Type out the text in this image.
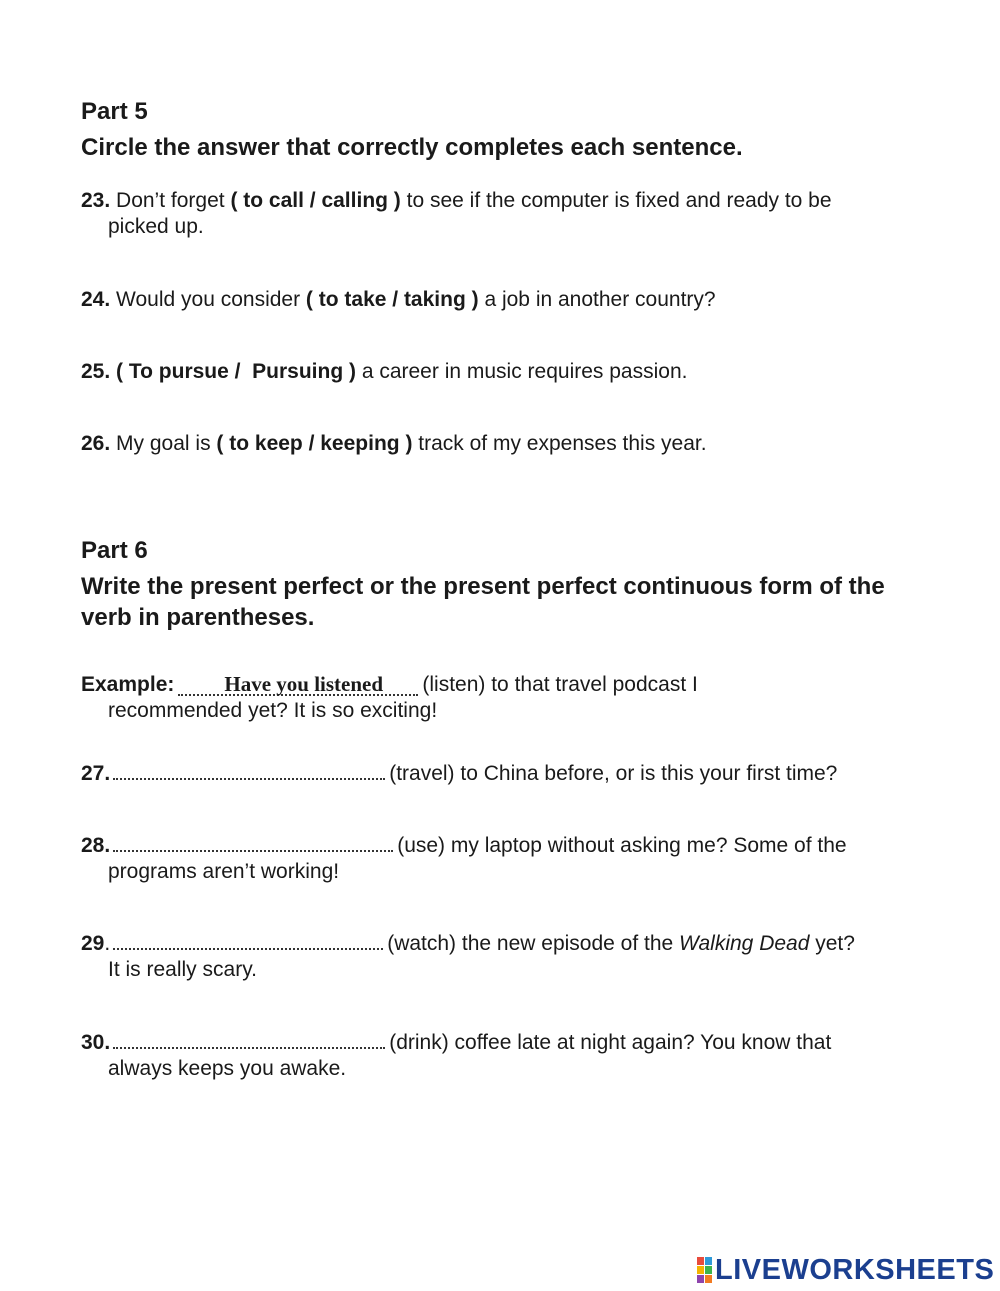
Part 5
Circle the answer that correctly completes each sentence.
23. Don’t forget ( to call / calling ) to see if the computer is fixed and ready to be
picked up.
24. Would you consider ( to take / taking ) a job in another country?
25. ( To pursue /  Pursuing ) a career in music requires passion.
26. My goal is ( to keep / keeping ) track of my expenses this year.
Part 6
Write the present perfect or the present perfect continuous form of the verb in parentheses.
Example: Have you listened (listen) to that travel podcast I
recommended yet? It is so exciting!
27.	(travel) to China before, or is this your first time?
28.	(use) my laptop without asking me? Some of the
programs aren’t working!
29.	(watch) the new episode of the Walking Dead yet?
It is really scary.
30.	(drink) coffee late at night again? You know that
always keeps you awake.
LIVEWORKSHEETS
